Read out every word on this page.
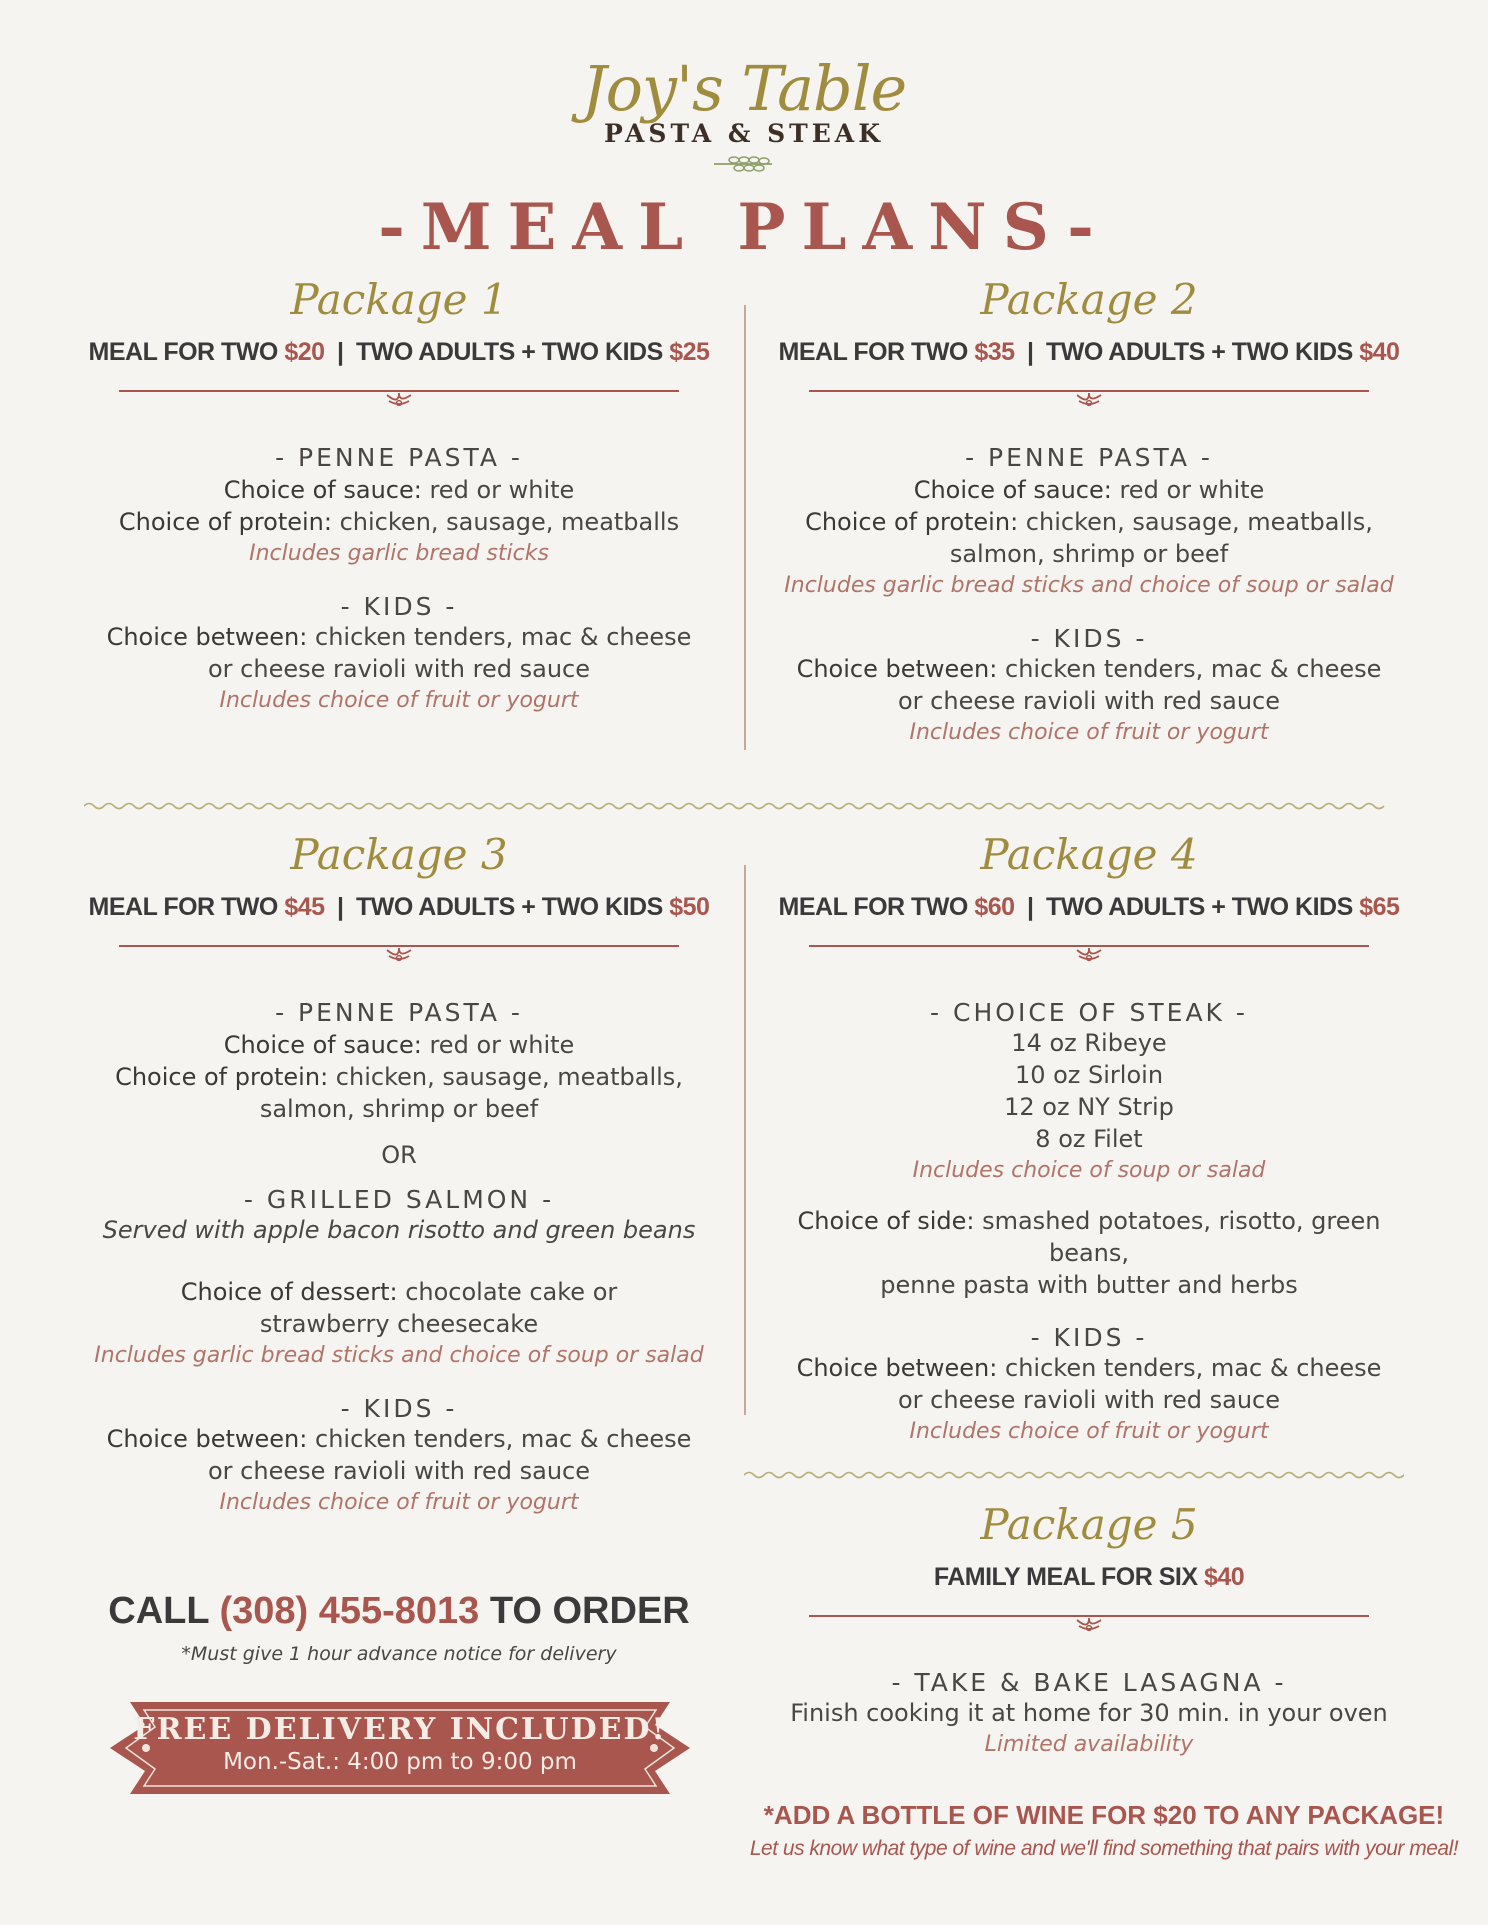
Joy's Table
PASTA & STEAK
-MEAL PLANS-
Package 1
MEAL FOR TWO $20 | TWO ADULTS + TWO KIDS $25
- PENNE PASTA -
Choice of sauce: red or white
Choice of protein: chicken, sausage, meatballs
Includes garlic bread sticks
- KIDS -
Choice between: chicken tenders, mac & cheese
or cheese ravioli with red sauce
Includes choice of fruit or yogurt
Package 2
MEAL FOR TWO $35 | TWO ADULTS + TWO KIDS $40
- PENNE PASTA -
Choice of sauce: red or white
Choice of protein: chicken, sausage, meatballs,
salmon, shrimp or beef
Includes garlic bread sticks and choice of soup or salad
- KIDS -
Choice between: chicken tenders, mac & cheese
or cheese ravioli with red sauce
Includes choice of fruit or yogurt
Package 3
MEAL FOR TWO $45 | TWO ADULTS + TWO KIDS $50
- PENNE PASTA -
Choice of sauce: red or white
Choice of protein: chicken, sausage, meatballs,
salmon, shrimp or beef
OR
- GRILLED SALMON -
Served with apple bacon risotto and green beans
Choice of dessert: chocolate cake or
strawberry cheesecake
Includes garlic bread sticks and choice of soup or salad
- KIDS -
Choice between: chicken tenders, mac & cheese
or cheese ravioli with red sauce
Includes choice of fruit or yogurt
Package 4
MEAL FOR TWO $60 | TWO ADULTS + TWO KIDS $65
- CHOICE OF STEAK -
14 oz Ribeye
10 oz Sirloin
12 oz NY Strip
8 oz Filet
Includes choice of soup or salad
Choice of side: smashed potatoes, risotto, green beans,
penne pasta with butter and herbs
- KIDS -
Choice between: chicken tenders, mac & cheese
or cheese ravioli with red sauce
Includes choice of fruit or yogurt
Package 5
FAMILY MEAL FOR SIX $40
- TAKE & BAKE LASAGNA -
Finish cooking it at home for 30 min. in your oven
Limited availability
CALL (308) 455-8013 TO ORDER
*Must give 1 hour advance notice for delivery
FREE DELIVERY INCLUDED!
Mon.-Sat.: 4:00 pm to 9:00 pm
*ADD A BOTTLE OF WINE FOR $20 TO ANY PACKAGE!
Let us know what type of wine and we'll find something that pairs with your meal!
